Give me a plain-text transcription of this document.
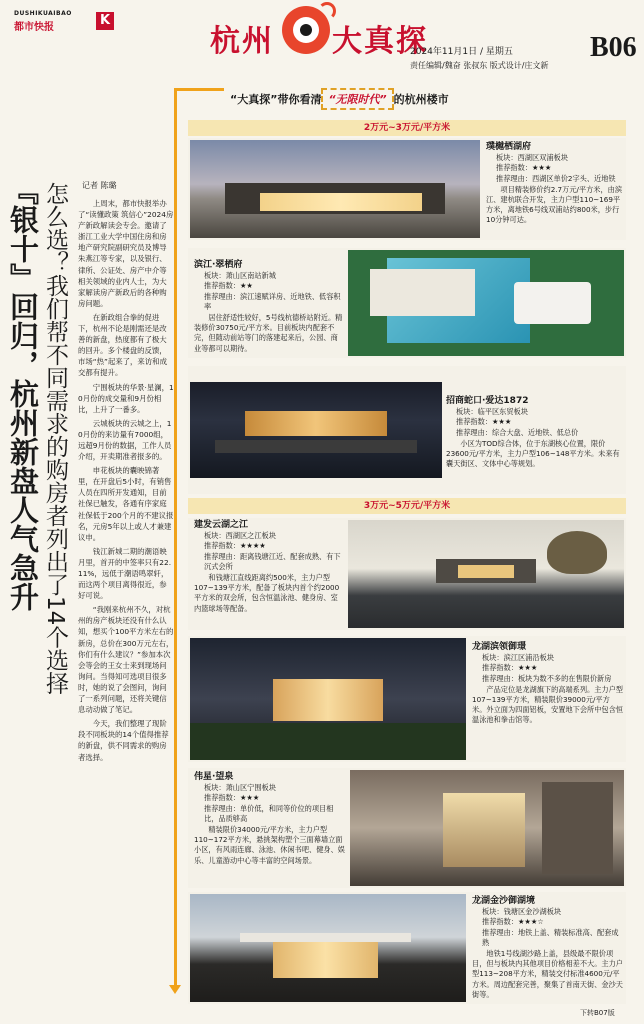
DUSHIKUAIBAO
都市快报	K
杭州 大真探
2024年11月1日 / 星期五
责任编辑/魏奋 张叔东 版式设计/庄文新
B06
“大真探”带你看清 “无限时代” 的杭州楼市
『银十』回归，杭州新盘人气急升 怎么选？我们帮不同需求的购房者列出了14个选择 记者 陈璐

上周末，都市快报举办了“读懂政策 筑信心”2024房产新政解读会专会。邀请了浙江工业大学中国住房和房地产研究院副研究员及博导朱燕江等专家，以及银行、律所、公证处、房产中介等相关领域的业内人士，为大家解读房产新政后的各种购房问题。

在新政组合拳的促进下，杭州不论是刚需还是改善的新盘，热度都有了极大的回升。多个楼盘的反馈，市场“热”起来了，来访和成交都有提升。

宁围板块的华景·星澜，10月份的成交量和9月份相比，上升了一番多。

云城板块的云城之上，10月份的来访量有7000组，远超9月份的数据，工作人员介绍，开卖期准者报多的。

申花板块的囊映锦著里，在开盘后5小时，有销售人员在四所开发通知，目前社保已触发，各通有序家庭社保低于200个月的不建议报名，元房5年以上或人才兼建议申。

钱江新城二期的潮语映月里，首开的中签率只有22.11%，远低于潮语鸣翠轩，而这两个项目离得很近，参好可说。

“我刚来杭州不久，对杭州的房产板块还没有什么认知，想买个100平方米左右的新房，总价在300万元左右，你们有什么建议？”参加本次会等会的王女士来到现场问询问。当得知可选项目很多时，她的说了会图问，询问了一系列问题，还将关键信息动动做了笔记。

今天，我们整理了现阶段不同板块的14个值得推荐的新盘，供不同需求的购房者选择。

2万元~3万元/平方米
3万元~5万元/平方米
璞樾栖湖府
板块：西湖区双浦板块
推荐指数：★★★
推荐理由：西湖区单价2字头、近地铁
项目精装修价约2.7万元/平方米，由滨江、建杭联合开发，主力户型110~169平方米，离地铁6号线双浦站约800米，步行10分钟可达。
滨江·翠栖府
板块：萧山区南站新城
推荐指数：★★
推荐理由：滨江速赋详房、近地铁、低容积率
居住舒适性较好，5号线杭德桥站附近。精装修价30750元/平方米。目前板块内配套不完，但随动前站等门的落建起来后，公园、商业等都可以期待。
招商蛇口·爱达1872
板块：临平区东贸板块
推荐指数：★★★
推荐理由：综合大盘、近地铁、低总价
小区为TOD综合体，位于东湖核心位置，限价23600元/平方米，主力户型106~148平方米。未来有囊天街区、文体中心等规划。
建发云湖之江
板块：西湖区之江板块
推荐指数：★★★★
推荐理由：距离钱塘江近、配套成熟、有下沉式会所
和钱塘江直线距离约500米，主力户型107~139平方米，配备了板块内首个约2000平方米的双会所，包含恒温泳池、健身房、室内篮球场等配备。
龙湖滨领御璟
板块：滨江区浦沿板块
推荐指数：★★★
推荐理由：板块为数不多的在售限价新房
产品定位是龙湖旗下的高端系列。主力户型107~139平方米，精装限价39000元/平方米。外立面为四面铝板，安置地下会所中包含恒温泳池和拳击馆等。
伟星·望泉
板块：萧山区宁围板块
推荐指数：★★★
推荐理由：单价低，和同等价位的项目相比，品质够高
精装限价34000元/平方米，主力户型110~172平方米，悬挑架构塑个三面幕墙立面小区，有风雨连廊、泳池、休闲书吧、健身、娱乐、儿童游动中心等丰富的空间场景。
龙湖金沙御湖境
板块：钱塘区金沙湖板块
推荐指数：★★★☆
推荐理由：地铁上盖、精装标准高、配套成熟
地铁1号线湖沙路上盖，县级最不限价项目，但与板块内其他项目价格相差不大。主力户型113~208平方米，精装交付标准4600元/平方米。周边配套完善，聚集了首南天街、金沙天街等。
下转B07版
